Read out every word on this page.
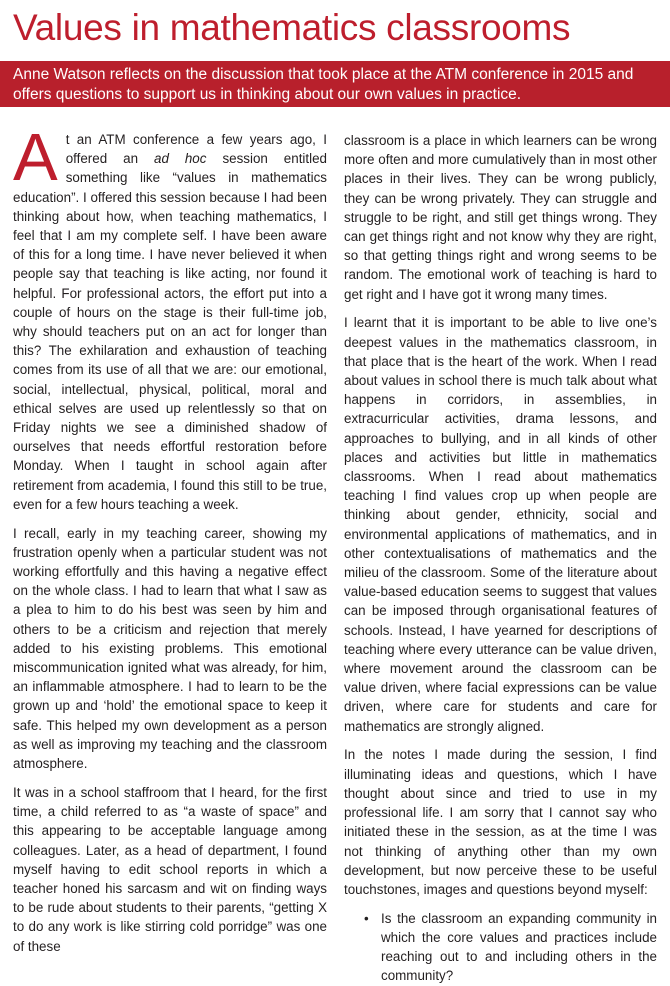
Values in mathematics classrooms
Anne Watson reflects on the discussion that took place at the ATM conference in 2015 and offers questions to support us in thinking about our own values in practice.

At an ATM conference a few years ago, I offered an ad hoc session entitled something like “values in mathematics education”. I offered this session because I had been thinking about how, when teaching mathematics, I feel that I am my complete self. I have been aware of this for a long time. I have never believed it when people say that teaching is like acting, nor found it helpful. For professional actors, the effort put into a couple of hours on the stage is their full-time job, why should teachers put on an act for longer than this? The exhilaration and exhaustion of teaching comes from its use of all that we are: our emotional, social, intellectual, physical, political, moral and ethical selves are used up relentlessly so that on Friday nights we see a diminished shadow of ourselves that needs effortful restoration before Monday. When I taught in school again after retirement from academia, I found this still to be true, even for a few hours teaching a week.

I recall, early in my teaching career, showing my frustration openly when a particular student was not working effortfully and this having a negative effect on the whole class. I had to learn that what I saw as a plea to him to do his best was seen by him and others to be a criticism and rejection that merely added to his existing problems. This emotional miscommunication ignited what was already, for him, an inflammable atmosphere. I had to learn to be the grown up and ‘hold’ the emotional space to keep it safe. This helped my own development as a person as well as improving my teaching and the classroom atmosphere.

It was in a school staffroom that I heard, for the first time, a child referred to as “a waste of space” and this appearing to be acceptable language among colleagues. Later, as a head of department, I found myself having to edit school reports in which a teacher honed his sarcasm and wit on finding ways to be rude about students to their parents, “getting X to do any work is like stirring cold porridge” was one of these

classroom is a place in which learners can be wrong more often and more cumulatively than in most other places in their lives. They can be wrong publicly, they can be wrong privately. They can struggle and struggle to be right, and still get things wrong. They can get things right and not know why they are right, so that getting things right and wrong seems to be random. The emotional work of teaching is hard to get right and I have got it wrong many times.

I learnt that it is important to be able to live one’s deepest values in the mathematics classroom, in that place that is the heart of the work. When I read about values in school there is much talk about what happens in corridors, in assemblies, in extracurricular activities, drama lessons, and approaches to bullying, and in all kinds of other places and activities but little in mathematics classrooms. When I read about mathematics teaching I find values crop up when people are thinking about gender, ethnicity, social and environmental applications of mathematics, and in other contextualisations of mathematics and the milieu of the classroom. Some of the literature about value-based education seems to suggest that values can be imposed through organisational features of schools. Instead, I have yearned for descriptions of teaching where every utterance can be value driven, where movement around the classroom can be value driven, where facial expressions can be value driven, where care for students and care for mathematics are strongly aligned.

In the notes I made during the session, I find illuminating ideas and questions, which I have thought about since and tried to use in my professional life. I am sorry that I cannot say who initiated these in the session, as at the time I was not thinking of anything other than my own development, but now perceive these to be useful touchstones, images and questions beyond myself:

• Is the classroom an expanding community in which the core values and practices include reaching out to and including others in the community?
